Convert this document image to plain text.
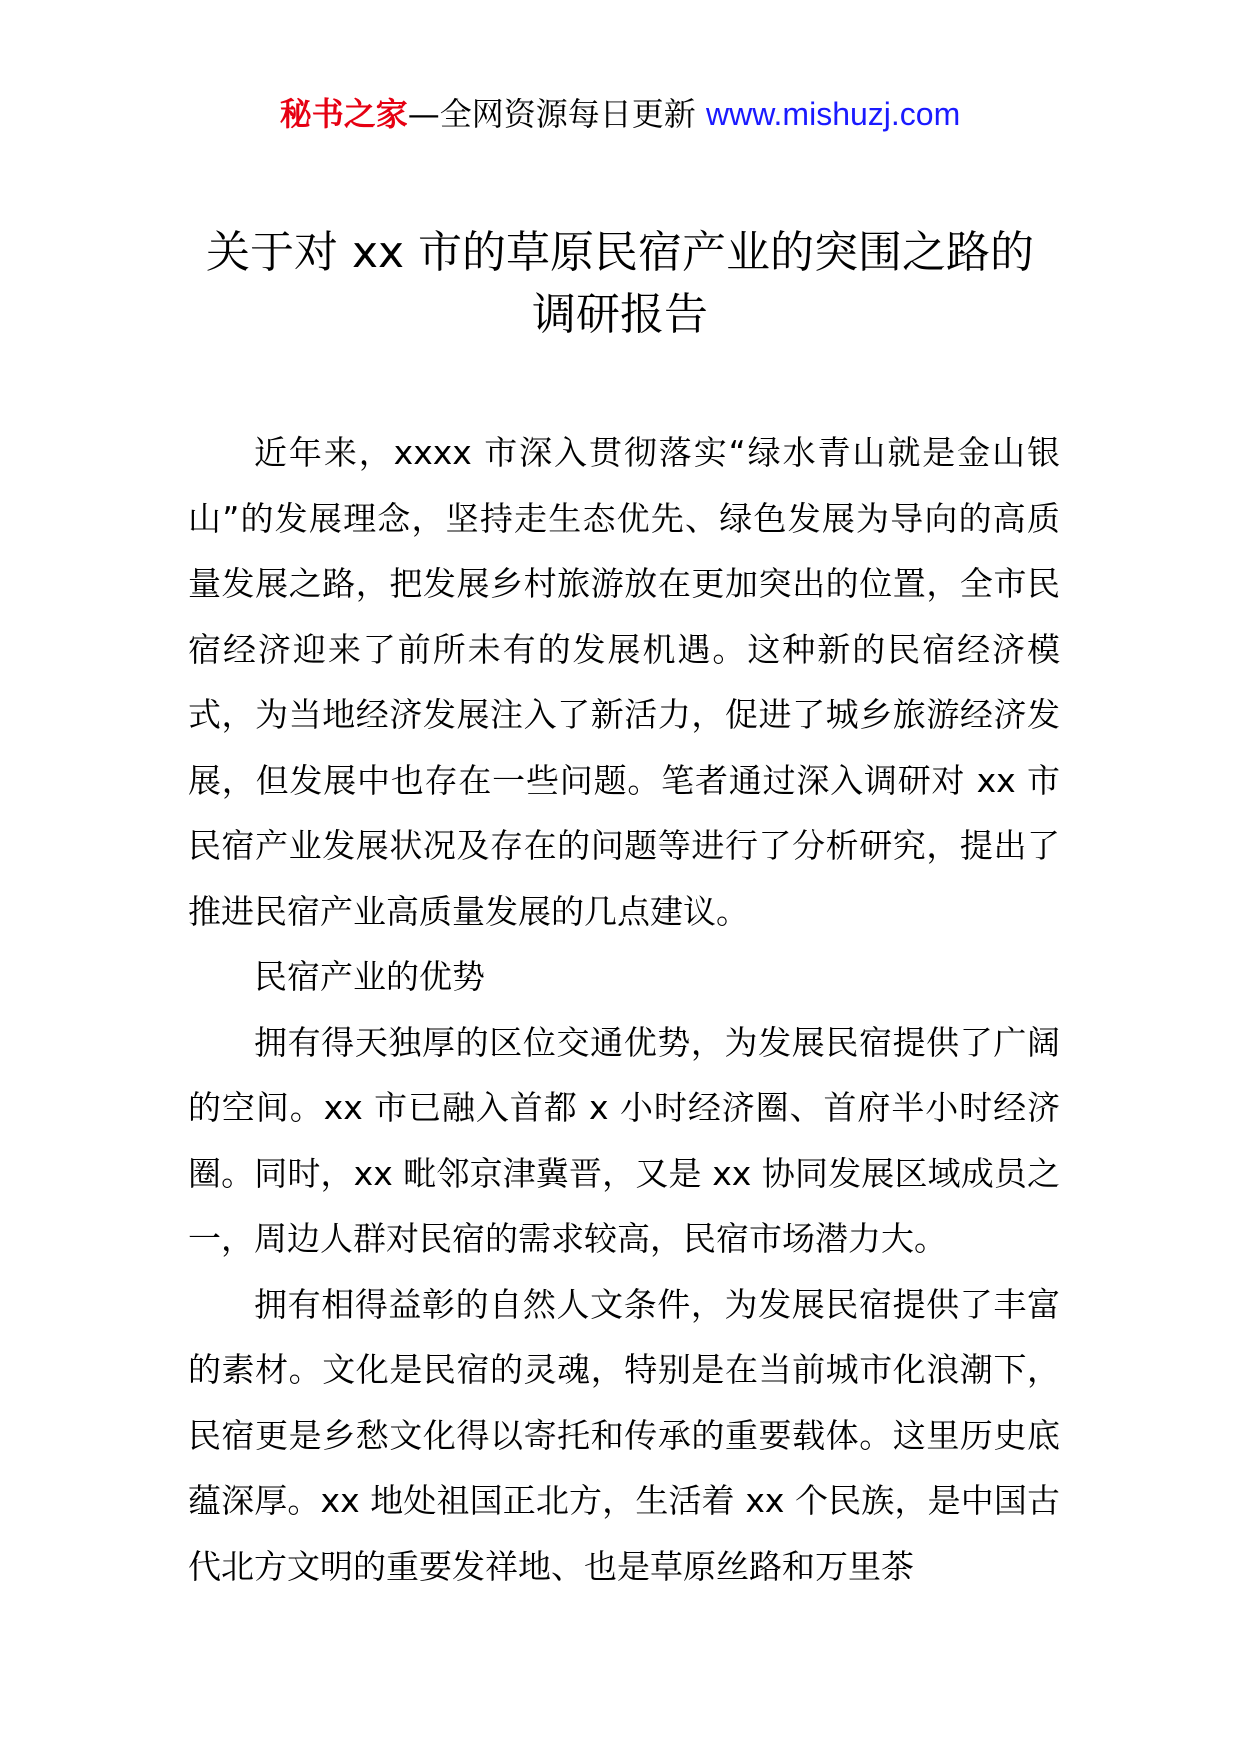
秘书之家—全网资源每日更新 www.mishuzj.com
关于对 xx 市的草原民宿产业的突围之路的
调研报告

近年来，xxxx 市深入贯彻落实“绿水青山就是金山银山”的发展理念，坚持走生态优先、绿色发展为导向的高质量发展之路，把发展乡村旅游放在更加突出的位置，全市民宿经济迎来了前所未有的发展机遇。这种新的民宿经济模式，为当地经济发展注入了新活力，促进了城乡旅游经济发展，但发展中也存在一些问题。笔者通过深入调研对 xx 市民宿产业发展状况及存在的问题等进行了分析研究，提出了推进民宿产业高质量发展的几点建议。

民宿产业的优势

拥有得天独厚的区位交通优势，为发展民宿提供了广阔的空间。xx 市已融入首都 x 小时经济圈、首府半小时经济圈。同时，xx 毗邻京津冀晋，又是 xx 协同发展区域成员之一，周边人群对民宿的需求较高，民宿市场潜力大。

拥有相得益彰的自然人文条件，为发展民宿提供了丰富的素材。文化是民宿的灵魂，特别是在当前城市化浪潮下，民宿更是乡愁文化得以寄托和传承的重要载体。这里历史底蕴深厚。xx 地处祖国正北方，生活着 xx 个民族，是中国古代北方文明的重要发祥地、也是草原丝路和万里茶
